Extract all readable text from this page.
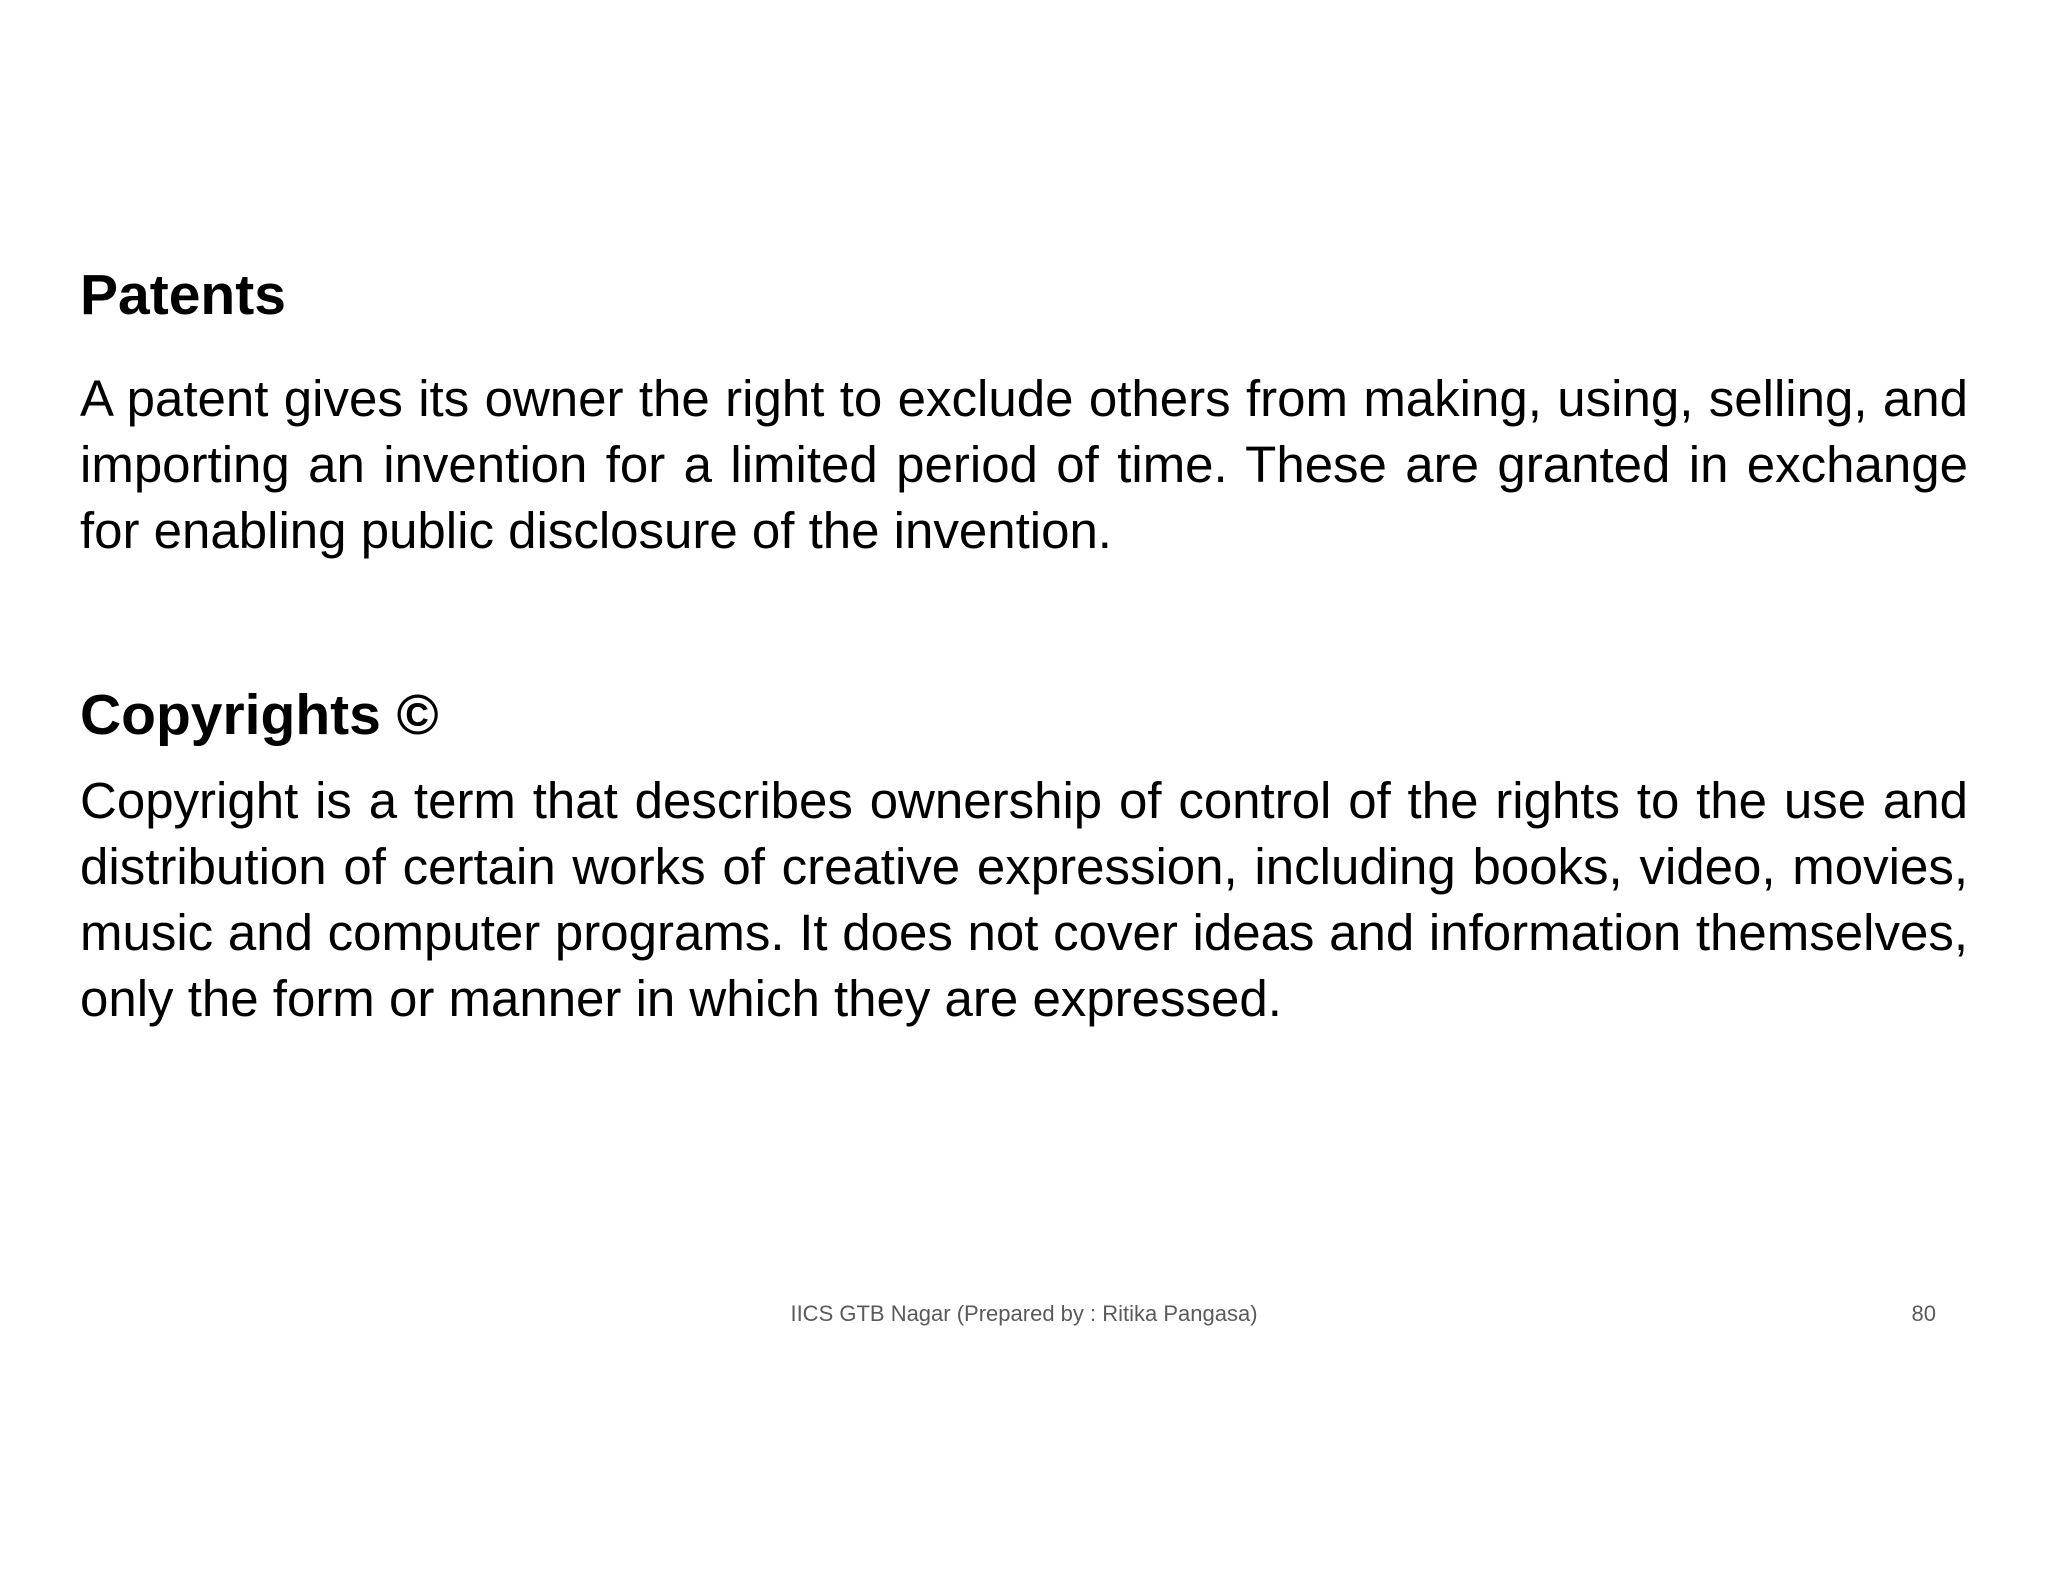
Patents

A patent gives its owner the right to exclude others from making, using, selling, and importing an invention for a limited period of time. These are granted in exchange for enabling public disclosure of the invention.

Copyrights ©

Copyright is a term that describes ownership of control of the rights to the use and distribution of certain works of creative expression, including books, video, movies, music and computer programs. It does not cover ideas and information themselves, only the form or manner in which they are expressed.

IICS GTB Nagar (Prepared by : Ritika Pangasa)	80
